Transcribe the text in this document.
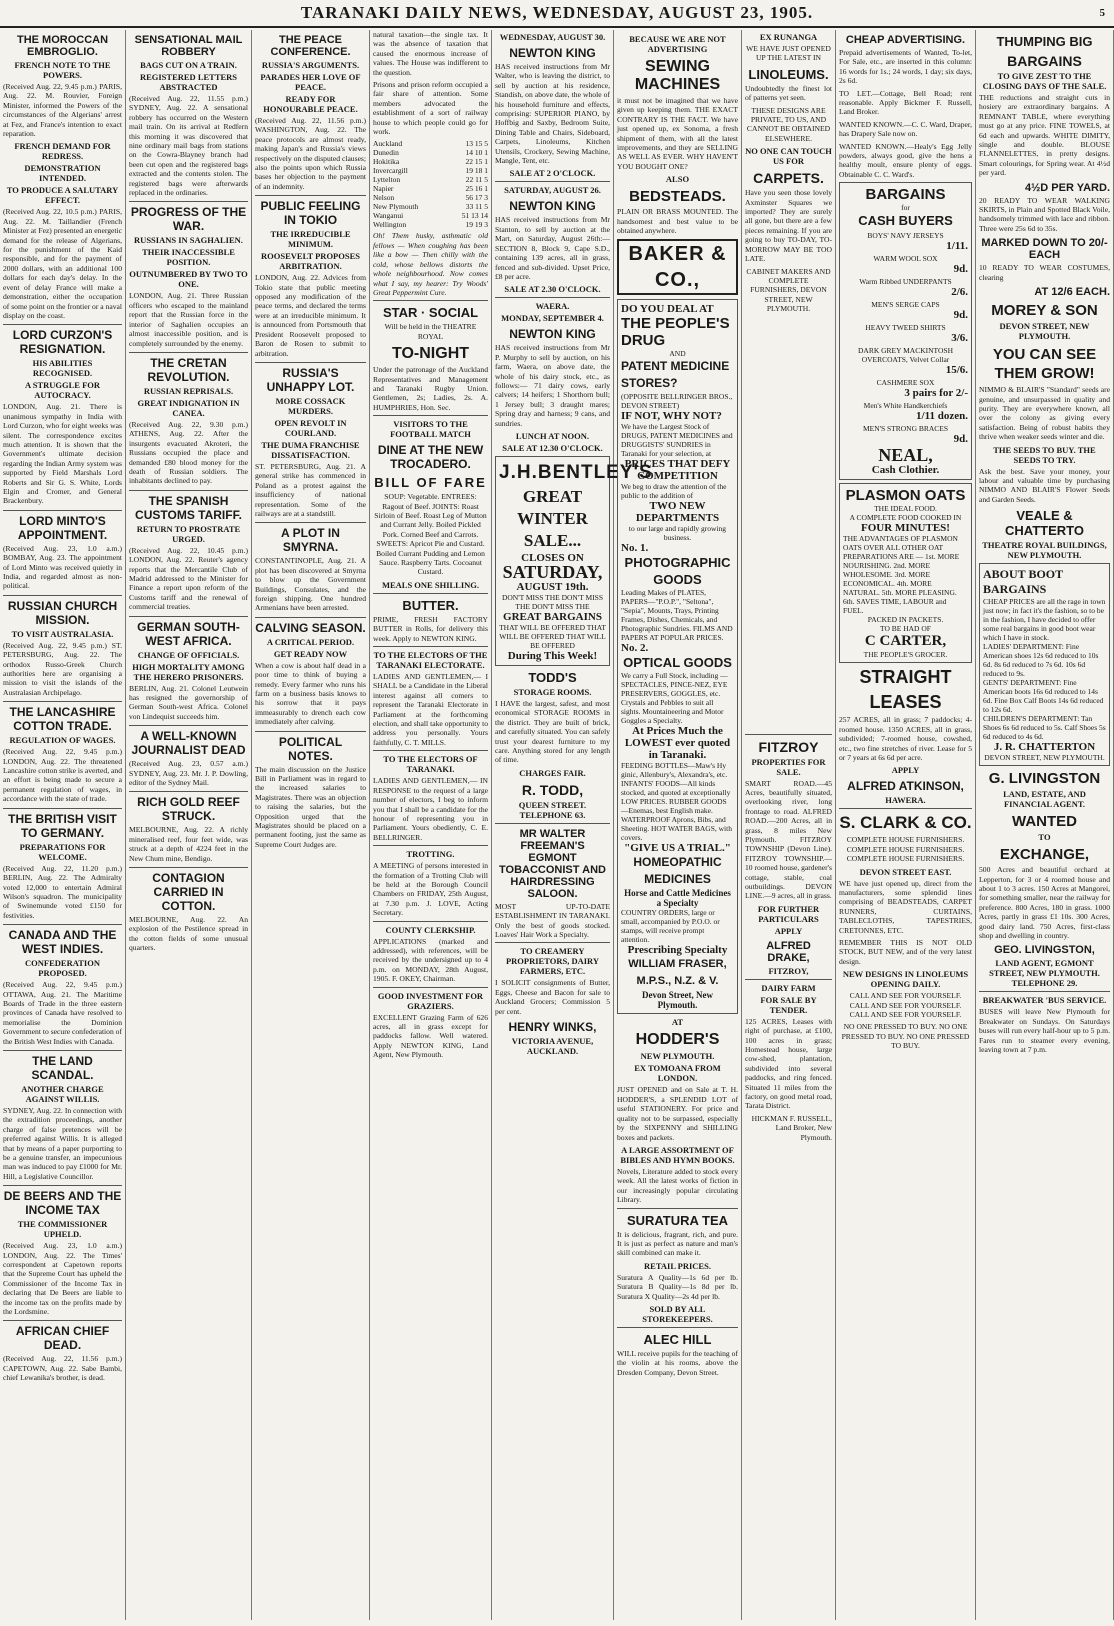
TARANAKI DAILY NEWS, WEDNESDAY, AUGUST 23, 1905.	5
THE MOROCCAN EMBROGLIO.
FRENCH NOTE TO THE POWERS.
(Received Aug. 22, 9.45 p.m.) PARIS, Aug. 22. M. Rouvier, Foreign Minister, informed the Powers of the circumstances of the Algerians' arrest at Fez, and France's intention to exact reparation.
FRENCH DEMAND FOR REDRESS.
DEMONSTRATION INTENDED.
TO PRODUCE A SALUTARY EFFECT.
(Received Aug. 22, 10.5 p.m.) PARIS, Aug. 22. M. Taillandier (French Minister at Fez) presented an energetic demand for the release of Algerians, for the punishment of the Kaid responsible, and for the payment of 2000 dollars, with an additional 100 dollars for each day's delay. In the event of delay France will make a demonstration, either the occupation of some point on the frontier or a naval display on the coast.
LORD CURZON'S RESIGNATION.
HIS ABILITIES RECOGNISED.
A STRUGGLE FOR AUTOCRACY.
LONDON, Aug. 21. There is unanimous sympathy in India with Lord Curzon, who for eight weeks was silent. The correspondence excites much attention. It is shown that the Government's ultimate decision regarding the Indian Army system was supported by Field Marshals Lord Roberts and Sir G. S. White, Lords Elgin and Cromer, and General Brackenbury.
LORD MINTO'S APPOINTMENT.
(Received Aug. 23, 1.0 a.m.) BOMBAY, Aug. 23. The appointment of Lord Minto was received quietly in India, and regarded almost as non-political.
RUSSIAN CHURCH MISSION.
TO VISIT AUSTRALASIA.
(Received Aug. 22, 9.45 p.m.) ST. PETERSBURG, Aug. 22. The orthodox Russo-Greek Church authorities here are organising a mission to visit the islands of the Australasian Archipelago.
THE LANCASHIRE COTTON TRADE.
REGULATION OF WAGES.
(Received Aug. 22, 9.45 p.m.) LONDON, Aug. 22. The threatened Lancashire cotton strike is averted, and an effort is being made to secure a permanent regulation of wages, in accordance with the state of trade.
THE BRITISH VISIT TO GERMANY.
PREPARATIONS FOR WELCOME.
(Received Aug. 22, 11.20 p.m.) BERLIN, Aug. 22. The Admiralty voted 12,000 to entertain Admiral Wilson's squadron. The municipality of Swinemunde voted £150 for festivities.
CANADA AND THE WEST INDIES.
CONFEDERATION PROPOSED.
(Received Aug. 22, 9.45 p.m.) OTTAWA, Aug. 21. The Maritime Boards of Trade in the three eastern provinces of Canada have resolved to memorialise the Dominion Government to secure confederation of the British West Indies with Canada.
THE LAND SCANDAL.
ANOTHER CHARGE AGAINST WILLIS.
SYDNEY, Aug. 22. In connection with the extradition proceedings, another charge of false pretences will be preferred against Willis. It is alleged that by means of a paper purporting to be a genuine transfer, an impecunious man was induced to pay £1000 for Mr. Hill, a Legislative Councillor.
DE BEERS AND THE INCOME TAX
THE COMMISSIONER UPHELD.
(Received Aug. 23, 1.0 a.m.) LONDON, Aug. 22. The Times' correspondent at Capetown reports that the Supreme Court has upheld the Commissioner of the Income Tax in declaring that De Beers are liable to the income tax on the profits made by the Lordsmine.
AFRICAN CHIEF DEAD.
(Received Aug. 22, 11.56 p.m.) CAPETOWN, Aug. 22. Sabe Bambi, chief Lewanika's brother, is dead.
SENSATIONAL MAIL ROBBERY
BAGS CUT ON A TRAIN.
REGISTERED LETTERS ABSTRACTED
(Received Aug. 22, 11.55 p.m.) SYDNEY, Aug. 22. A sensational robbery has occurred on the Western mail train. On its arrival at Redfern this morning it was discovered that nine ordinary mail bags from stations on the Cowra-Blayney branch had been cut open and the registered bags extracted and the contents stolen. The registered bags were afterwards replaced in the ordinaries.
PROGRESS OF THE WAR.
RUSSIANS IN SAGHALIEN.
THEIR INACCESSIBLE POSITION.
OUTNUMBERED BY TWO TO ONE.
LONDON, Aug. 21. Three Russian officers who escaped to the mainland report that the Russian force in the interior of Saghalien occupies an almost inaccessible position, and is completely surrounded by the enemy.
THE CRETAN REVOLUTION.
RUSSIAN REPRISALS.
GREAT INDIGNATION IN CANEA.
(Received Aug. 22, 9.30 p.m.) ATHENS, Aug. 22. After the insurgents evacuated Akroteri, the Russians occupied the place and demanded £80 blood money for the death of Russian soldiers. The inhabitants declined to pay.
THE SPANISH CUSTOMS TARIFF.
RETURN TO PROSTRATE URGED.
(Received Aug. 22, 10.45 p.m.) LONDON, Aug. 22. Reuter's agency reports that the Mercantile Club of Madrid addressed to the Minister for Finance a report upon reform of the Customs tariff and the renewal of commercial treaties.
GERMAN SOUTH-WEST AFRICA.
CHANGE OF OFFICIALS.
HIGH MORTALITY AMONG THE HERERO PRISONERS.
BERLIN, Aug. 21. Colonel Leutwein has resigned the governorship of German South-west Africa. Colonel von Lindequist succeeds him.
A WELL-KNOWN JOURNALIST DEAD
(Received Aug. 23, 0.57 a.m.) SYDNEY, Aug. 23. Mr. J. P. Dowling, editor of the Sydney Mail.
RICH GOLD REEF STRUCK.
MELBOURNE, Aug. 22. A richly mineralised reef, four feet wide, was struck at a depth of 4224 feet in the New Chum mine, Bendigo.
CONTAGION CARRIED IN COTTON.
MELBOURNE, Aug. 22. An explosion of the Pestilence spread in the cotton fields of some unusual quarters.
THE PEACE CONFERENCE.
RUSSIA'S ARGUMENTS.
PARADES HER LOVE OF PEACE.
READY FOR HONOURABLE PEACE.
(Received Aug. 22, 11.56 p.m.) WASHINGTON, Aug. 22. The peace protocols are almost ready, making Japan's and Russia's views respectively on the disputed clauses; also the points upon which Russia bases her objection to the payment of an indemnity.
PUBLIC FEELING IN TOKIO
THE IRREDUCIBLE MINIMUM.
ROOSEVELT PROPOSES ARBITRATION.
LONDON, Aug. 22. Advices from Tokio state that public meeting opposed any modification of the peace terms, and declared the terms were at an irreducible minimum. It is announced from Portsmouth that President Roosevelt proposed to Baron de Rosen to submit to arbitration.
RUSSIA'S UNHAPPY LOT.
MORE COSSACK MURDERS.
OPEN REVOLT IN COURLAND.
THE DUMA FRANCHISE DISSATISFACTION.
ST. PETERSBURG, Aug. 21. A general strike has commenced in Poland as a protest against the insufficiency of national representation. Some of the railways are at a standstill.
A PLOT IN SMYRNA.
CONSTANTINOPLE, Aug. 21. A plot has been discovered at Smyrna to blow up the Government Buildings, Consulates, and the foreign shipping. One hundred Armenians have been arrested.
CALVING SEASON.
A CRITICAL PERIOD.
GET READY NOW
When a cow is about half dead in a poor time to think of buying a remedy. Every farmer who runs his farm on a business basis knows to his sorrow that it pays immeasurably to drench each cow immediately after calving.
POLITICAL NOTES.
The main discussion on the Justice Bill in Parliament was in regard to the increased salaries to Magistrates. There was an objection to raising the salaries, but the Opposition urged that the Magistrates should be placed on a permanent footing, just the same as Supreme Court Judges are.
natural taxation—the single tax. It was the absence of taxation that caused the enormous increase of values. The House was indifferent to the question.
Prisons and prison reform occupied a fair share of attention. Some members advocated the establishment of a sort of railway house to which people could go for work.
Auckland	13 15 5
Dunedin	14 10 1
Hokitika	22 15 1
Invercargill	19 18 1
Lyttelton	22 11 5
Napier	25 16 1
Nelson	56 17 3
New Plymouth	33 11 5
Wanganui	51 13 14
Wellington	19 19 3
Oh! Them husky, asthmatic old fellows — When coughing has been like a bow — Then chilly with the cold, whose bellows distorts the whole neighbourhood. Now comes what I say, my hearer: Try Woods' Great Peppermint Cure.
STAR · SOCIAL
Will be held in the THEATRE ROYAL
TO-NIGHT
Under the patronage of the Auckland Representatives and Management and Taranaki Rugby Union. Gentlemen, 2s; Ladies, 2s. A. HUMPHRIES, Hon. Sec.
VISITORS TO THE FOOTBALL MATCH
DINE AT THE NEW TROCADERO.
BILL OF FARE
SOUP: Vegetable. ENTREES: Ragout of Beef. JOINTS: Roast Sirloin of Beef. Roast Leg of Mutton and Currant Jelly. Boiled Pickled Pork. Corned Beef and Carrots. SWEETS: Apricot Pie and Custard. Boiled Currant Pudding and Lemon Sauce. Raspberry Tarts. Cocoanut Custard.
MEALS ONE SHILLING.
BUTTER.
PRIME, FRESH FACTORY BUTTER in Rolls, for delivery this week. Apply to NEWTON KING.
TO THE ELECTORS OF THE TARANAKI ELECTORATE.
LADIES AND GENTLEMEN,— I SHALL be a Candidate in the Liberal interest against all comers to represent the Taranaki Electorate in Parliament at the forthcoming election, and shall take opportunity to address you personally. Yours faithfully, C. T. MILLS.
TO THE ELECTORS OF TARANAKI.
LADIES AND GENTLEMEN,— IN RESPONSE to the request of a large number of electors, I beg to inform you that I shall be a candidate for the honour of representing you in Parliament. Yours obediently, C. E. BELLRINGER.
TROTTING.
A MEETING of persons interested in the formation of a Trotting Club will be held at the Borough Council Chambers on FRIDAY, 25th August, at 7.30 p.m. J. LOVE, Acting Secretary.
COUNTY CLERKSHIP.
APPLICATIONS (marked and addressed), with references, will be received by the undersigned up to 4 p.m. on MONDAY, 28th August, 1905. F. OKEY, Chairman.
GOOD INVESTMENT FOR GRAZIERS.
EXCELLENT Grazing Farm of 626 acres, all in grass except for paddocks fallow. Well watered. Apply NEWTON KING, Land Agent, New Plymouth.
WEDNESDAY, AUGUST 30.
NEWTON KING
HAS received instructions from Mr Walter, who is leaving the district, to sell by auction at his residence, Standish, on above date, the whole of his household furniture and effects, comprising: SUPERIOR PIANO, by Hoffbig and Saxby, Bedroom Suite, Dining Table and Chairs, Sideboard, Carpets, Linoleums, Kitchen Utensils, Crockery, Sewing Machine, Mangle, Tent, etc.
SALE AT 2 O'CLOCK.
SATURDAY, AUGUST 26.
NEWTON KING
HAS received instructions from Mr Stanton, to sell by auction at the Mart, on Saturday, August 26th:— SECTION 8, Block 9, Cape S.D., containing 139 acres, all in grass, fenced and sub-divided. Upset Price, £8 per acre.
SALE AT 2.30 O'CLOCK.
WAERA.
MONDAY, SEPTEMBER 4.
NEWTON KING
HAS received instructions from Mr P. Murphy to sell by auction, on his farm, Waera, on above date, the whole of his dairy stock, etc., as follows:— 71 dairy cows, early calvers; 14 heifers; 1 Shorthorn bull; 1 Jersey bull; 3 draught mares; Spring dray and harness; 9 cans, and sundries.
LUNCH AT NOON.
SALE AT 12.30 O'CLOCK.
J.H.BENTLEY'S
GREAT WINTER SALE...
CLOSES ON
SATURDAY,
AUGUST 19th.
DON'T MISS THE DON'T MISS THE DON'T MISS THE
GREAT BARGAINS
THAT WILL BE OFFERED THAT WILL BE OFFERED THAT WILL BE OFFERED
During This Week!
TODD'S
STORAGE ROOMS.
I HAVE the largest, safest, and most economical STORAGE ROOMS in the district. They are built of brick, and carefully situated. You can safely trust your dearest furniture to my care. Anything stored for any length of time.
CHARGES FAIR.
R. TODD,
QUEEN STREET. TELEPHONE 63.
MR WALTER FREEMAN'S EGMONT TOBACCONIST AND HAIRDRESSING SALOON.
MOST UP-TO-DATE ESTABLISHMENT IN TARANAKI. Only the best of goods stocked. Loaves' Hair Work a Specialty.
TO CREAMERY PROPRIETORS, DAIRY FARMERS, ETC.
I SOLICIT consignments of Butter, Eggs, Cheese and Bacon for sale to Auckland Grocers; Commission 5 per cent.
HENRY WINKS,
VICTORIA AVENUE, AUCKLAND.
BECAUSE WE ARE NOT ADVERTISING
SEWING MACHINES
it must not be imagined that we have given up keeping them. THE EXACT CONTRARY IS THE FACT. We have just opened up, ex Sonoma, a fresh shipment of them, with all the latest improvements, and they are SELLING AS WELL AS EVER. WHY HAVEN'T YOU BOUGHT ONE?
ALSO
BEDSTEADS.
PLAIN OR BRASS MOUNTED. The handsomest and best value to be obtained anywhere.
BAKER & CO.,
DO YOU DEAL AT
THE PEOPLE'S DRUG
AND
PATENT MEDICINE STORES?
(OPPOSITE BELLRINGER BROS., DEVON STREET)
IF NOT, WHY NOT?
We have the Largest Stock of DRUGS, PATENT MEDICINES and DRUGGISTS' SUNDRIES in Taranaki for your selection, at
PRICES THAT DEFY COMPETITION
We beg to draw the attention of the public to the addition of
TWO NEW DEPARTMENTS
to our large and rapidly growing business.
No. 1.
PHOTOGRAPHIC GOODS
Leading Makes of PLATES, PAPERS—"P.O.P.", "Seltona", "Sepia", Mounts, Trays, Printing Frames, Dishes, Chemicals, and Photographic Sundries. FILMS AND PAPERS AT POPULAR PRICES.
No. 2.
OPTICAL GOODS
We carry a Full Stock, including — SPECTACLES, PINCE-NEZ, EYE PRESERVERS, GOGGLES, etc. Crystals and Pebbles to suit all sights. Mountaineering and Motor Goggles a Specialty.
At Prices Much the LOWEST ever quoted in Taranaki.
FEEDING BOTTLES—Maw's Hy ginic, Allenbury's, Alexandra's, etc. INFANTS' FOODS—All kinds stocked, and quoted at exceptionally LOW PRICES. RUBBER GOODS—Enemas, best English make. WATERPROOF Aprons, Bibs, and Sheeting. HOT WATER BAGS, with covers.
"GIVE US A TRIAL."
HOMEOPATHIC MEDICINES
Horse and Cattle Medicines a Specialty
COUNTRY ORDERS, large or small, accompanied by P.O.O. or stamps, will receive prompt attention.
Prescribing Specialty
WILLIAM FRASER, M.P.S., N.Z. & V.
Devon Street, New Plymouth.
AT
HODDER'S
NEW PLYMOUTH.
EX TOMOANA FROM LONDON.
JUST OPENED and on Sale at T. H. HODDER'S, a SPLENDID LOT of useful STATIONERY. For price and quality not to be surpassed, especially by the SIXPENNY and SHILLING boxes and packets.
A LARGE ASSORTMENT OF BIBLES AND HYMN BOOKS.
Novels, Literature added to stock every week. All the latest works of fiction in our increasingly popular circulating Library.
SURATURA TEA
It is delicious, fragrant, rich, and pure. It is just as perfect as nature and man's skill combined can make it.
RETAIL PRICES.
Suratura A Quality—1s 6d per lb. Suratura B Quality—1s 8d per lb. Suratura X Quality—2s 4d per lb.
SOLD BY ALL STOREKEEPERS.
ALEC HILL
WILL receive pupils for the teaching of the violin at his rooms, above the Dresden Company, Devon Street.
EX RUNANGA
WE HAVE JUST OPENED UP THE LATEST IN
LINOLEUMS.
Undoubtedly the finest lot of patterns yet seen.
THESE DESIGNS ARE PRIVATE, TO US, AND CANNOT BE OBTAINED ELSEWHERE.
NO ONE CAN TOUCH US FOR
CARPETS.
Have you seen those lovely Axminster Squares we imported? They are surely all gone, but there are a few pieces remaining. If you are going to buy TO-DAY, TO-MORROW MAY BE TOO LATE.
CABINET MAKERS AND COMPLETE FURNISHERS, DEVON STREET, NEW PLYMOUTH.
FITZROY
PROPERTIES FOR SALE.
SMART ROAD.—45 Acres, beautifully situated, overlooking river, long frontage to road. ALFRED ROAD.—200 Acres, all in grass, 8 miles New Plymouth. FITZROY TOWNSHIP (Devon Line). FITZROY TOWNSHIP.—10 roomed house, gardener's cottage, stable, coal outbuildings. DEVON LINE.—9 acres, all in grass.
FOR FURTHER PARTICULARS
APPLY
ALFRED DRAKE,
FITZROY,
DAIRY FARM
FOR SALE BY TENDER.
125 ACRES, Leases with right of purchase, at £100, 100 acres in grass; Homestead house, large cow-shed, plantation, subdivided into several paddocks, and ring fenced. Situated 11 miles from the factory, on good metal road, Tarata District.
HICKMAN F. RUSSELL, Land Broker, New Plymouth.
CHEAP ADVERTISING.
Prepaid advertisements of Wanted, To-let, For Sale, etc., are inserted in this column: 16 words for 1s.; 24 words, 1 day; six days, 2s 6d.
TO LET.—Cottage, Bell Road; rent reasonable. Apply Bickmer F. Russell, Land Broker.
WANTED KNOWN.—C. C. Ward, Draper, has Drapery Sale now on.
WANTED KNOWN.—Healy's Egg Jelly powders, always good, give the hens a healthy moult, ensure plenty of eggs. Obtainable C. C. Ward's.
BARGAINS
for
CASH BUYERS
BOYS' NAVY JERSEYS
1/11.
WARM WOOL SOX
9d.
Warm Ribbed UNDERPANTS
2/6.
MEN'S SERGE CAPS
9d.
HEAVY TWEED SHIRTS
3/6.
DARK GREY MACKINTOSH OVERCOATS, Velvet Collar
15/6.
CASHMERE SOX
3 pairs for 2/-
Men's White Handkerchiefs
1/11 dozen.
MEN'S STRONG BRACES
9d.
NEAL,
Cash Clothier.
PLASMON OATS
THE IDEAL FOOD.
A COMPLETE FOOD COOKED IN
FOUR MINUTES!
THE ADVANTAGES OF PLASMON OATS OVER ALL OTHER OAT PREPARATIONS ARE — 1st. MORE NOURISHING. 2nd. MORE WHOLESOME. 3rd. MORE ECONOMICAL. 4th. MORE NATURAL. 5th. MORE PLEASING. 6th. SAVES TIME, LABOUR and FUEL.
PACKED IN PACKETS.
TO BE HAD OF
C CARTER,
THE PEOPLE'S GROCER.
STRAIGHT
LEASES
257 ACRES, all in grass; 7 paddocks; 4-roomed house. 1350 ACRES, all in grass, subdivided; 7-roomed house, cowshed, etc., two fine stretches of river. Lease for 5 or 7 years at 6s 6d per acre.
APPLY
ALFRED ATKINSON,
HAWERA.
S. CLARK & CO.
COMPLETE HOUSE FURNISHERS. COMPLETE HOUSE FURNISHERS. COMPLETE HOUSE FURNISHERS.
DEVON STREET EAST.
WE have just opened up, direct from the manufacturers, some splendid lines comprising of BEADSTEADS, CARPET RUNNERS, CURTAINS, TABLECLOTHS, TAPESTRIES, CRETONNES, ETC.
REMEMBER THIS IS NOT OLD STOCK, BUT NEW, and of the very latest design.
NEW DESIGNS IN LINOLEUMS OPENING DAILY.
CALL AND SEE FOR YOURSELF. CALL AND SEE FOR YOURSELF. CALL AND SEE FOR YOURSELF.
NO ONE PRESSED TO BUY. NO ONE PRESSED TO BUY. NO ONE PRESSED TO BUY.
THUMPING BIG
BARGAINS
TO GIVE ZEST TO THE CLOSING DAYS OF THE SALE.
THE reductions and straight cuts in hosiery are extraordinary bargains. A REMNANT TABLE, where everything must go at any price. FINE TOWELS, at 6d each and upwards. WHITE DIMITY, single and double. BLOUSE FLANNELETTES, in pretty designs. Smart colourings, for Spring wear. At 4½d per yard.
4½D PER YARD.
20 READY TO WEAR WALKING SKIRTS, in Plain and Spotted Black Voile, handsomely trimmed with lace and ribbon. Three were 25s 6d to 35s.
MARKED DOWN TO 20/- EACH
10 READY TO WEAR COSTUMES, clearing
AT 12/6 EACH.
MOREY & SON
DEVON STREET, NEW PLYMOUTH.
YOU CAN SEE THEM GROW!
NIMMO & BLAIR'S "Standard" seeds are genuine, and unsurpassed in quality and purity. They are everywhere known, all over the colony as giving every satisfaction. Being of robust habits they thrive when weaker seeds winter and die.
THE SEEDS TO BUY. THE SEEDS TO TRY.
Ask the best. Save your money, your labour and valuable time by purchasing NIMMO AND BLAIR'S Flower Seeds and Garden Seeds.
VEALE & CHATTERTO
THEATRE ROYAL BUILDINGS, NEW PLYMOUTH.
ABOUT BOOT BARGAINS
CHEAP PRICES are all the rage in town just now; in fact it's the fashion, so to be in the fashion, I have decided to offer some real bargains in good boot wear which I have in stock.
LADIES' DEPARTMENT: Fine American shoes 12s 6d reduced to 10s 6d. 8s 6d reduced to 7s 6d. 10s 6d reduced to 9s.
GENTS' DEPARTMENT: Fine American boots 16s 6d reduced to 14s 6d. Fine Box Calf Boots 14s 6d reduced to 12s 6d.
CHILDREN'S DEPARTMENT: Tan Shoes 6s 6d reduced to 5s. Calf Shoes 5s 6d reduced to 4s 6d.
J. R. CHATTERTON
DEVON STREET, NEW PLYMOUTH.
G. LIVINGSTON
LAND, ESTATE, AND FINANCIAL AGENT.
WANTED
TO
EXCHANGE,
500 Acres and beautiful orchard at Lepperton, for 3 or 4 roomed house and about 1 to 3 acres. 150 Acres at Mangorei, for something smaller, near the railway for preference. 800 Acres, 180 in grass. 1000 Acres, partly in grass £1 10s. 300 Acres, good dairy land. 750 Acres, first-class shop and dwelling in country.
GEO. LIVINGSTON,
LAND AGENT, EGMONT STREET, NEW PLYMOUTH. TELEPHONE 29.
BREAKWATER 'BUS SERVICE.
BUSES will leave New Plymouth for Breakwater on Sundays. On Saturdays buses will run every half-hour up to 5 p.m. Fares run to steamer every evening, leaving town at 7 p.m.
